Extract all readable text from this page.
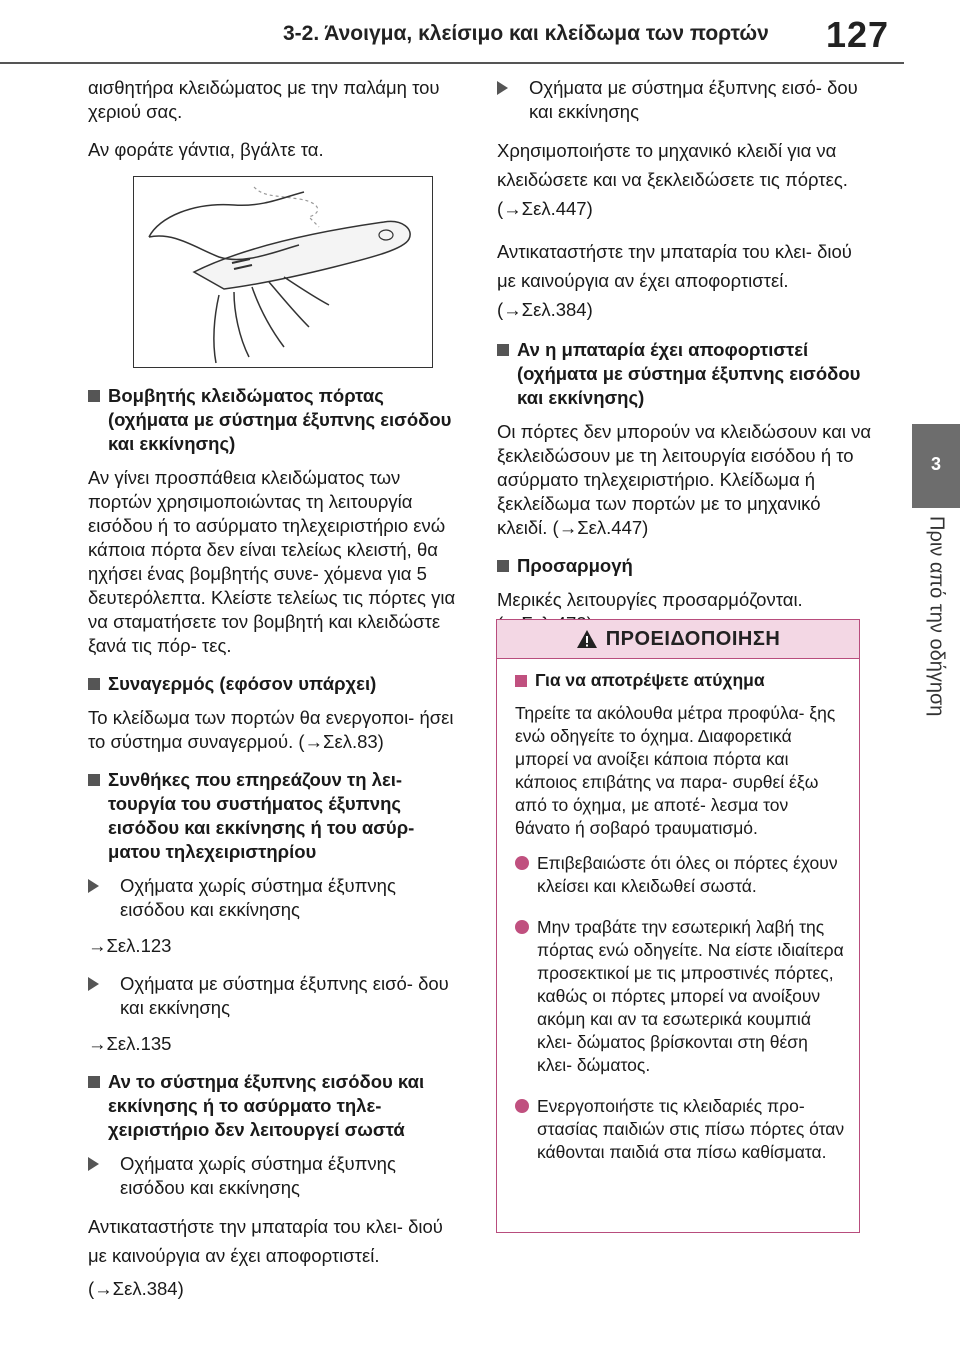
3-2. Άνοιγμα, κλείσιμο και κλείδωμα των πορτών 127
3
Πριν από την οδήγηση

αισθητήρα κλειδώματος με την παλάμη του χεριού σας.

Αν φοράτε γάντια, βγάλτε τα.

Βομβητής κλειδώματος πόρτας (οχήματα με σύστημα έξυπνης εισόδου και εκκίνησης)

Αν γίνει προσπάθεια κλειδώματος των πορτών χρησιμοποιώντας τη λειτουργία εισόδου ή το ασύρματο τηλεχειριστήριο ενώ κάποια πόρτα δεν είναι τελείως κλειστή, θα ηχήσει ένας βομβητής συνε- χόμενα για 5 δευτερόλεπτα. Κλείστε τελείως τις πόρτες για να σταματήσετε τον βομβητή και κλειδώστε ξανά τις πόρ- τες.

Συναγερμός (εφόσον υπάρχει)

Το κλείδωμα των πορτών θα ενεργοποι- ήσει το σύστημα συναγερμού. (→Σελ.83)

Συνθήκες που επηρεάζουν τη λει- τουργία του συστήματος έξυπνης εισόδου και εκκίνησης ή του ασύρ- ματου τηλεχειριστηρίου
Οχήματα χωρίς σύστημα έξυπνης εισόδου και εκκίνησης

→Σελ.123

Οχήματα με σύστημα έξυπνης εισό- δου και εκκίνησης

→Σελ.135

Αν το σύστημα έξυπνης εισόδου και εκκίνησης ή το ασύρματο τηλε- χειριστήριο δεν λειτουργεί σωστά
Οχήματα χωρίς σύστημα έξυπνης εισόδου και εκκίνησης

Αντικαταστήστε την μπαταρία του κλει- διού με καινούργια αν έχει αποφορτιστεί.

(→Σελ.384)

Οχήματα με σύστημα έξυπνης εισό- δου και εκκίνησης

Χρησιμοποιήστε το μηχανικό κλειδί για να κλειδώσετε και να ξεκλειδώσετε τις πόρτες. (→Σελ.447)

Αντικαταστήστε την μπαταρία του κλει- διού με καινούργια αν έχει αποφορτιστεί. (→Σελ.384)

Αν η μπαταρία έχει αποφορτιστεί (οχήματα με σύστημα έξυπνης εισόδου και εκκίνησης)

Οι πόρτες δεν μπορούν να κλειδώσουν και να ξεκλειδώσουν με τη λειτουργία εισόδου ή το ασύρματο τηλεχειριστήριο. Κλείδωμα ή ξεκλείδωμα των πορτών με το μηχανικό κλειδί. (→Σελ.447)

Προσαρμογή

Μερικές λειτουργίες προσαρμόζονται.

ΠΡΟΕΙΔΟΠΟΙΗΣΗ
Για να αποτρέψετε ατύχημα

Τηρείτε τα ακόλουθα μέτρα προφύλα- ξης ενώ οδηγείτε το όχημα. Διαφορετικά μπορεί να ανοίξει κάποια πόρτα και κάποιος επιβάτης να παρα- συρθεί έξω από το όχημα, με αποτέ- λεσμα τον θάνατο ή σοβαρό τραυματισμό.

Επιβεβαιώστε ότι όλες οι πόρτες έχουν κλείσει και κλειδωθεί σωστά.
Μην τραβάτε την εσωτερική λαβή της πόρτας ενώ οδηγείτε. Να είστε ιδιαίτερα προσεκτικοί με τις μπροστινές πόρτες, καθώς οι πόρτες μπορεί να ανοίξουν ακόμη και αν τα εσωτερικά κουμπιά κλει- δώματος βρίσκονται στη θέση κλει- δώματος.
Ενεργοποιήστε τις κλειδαριές προ- στασίας παιδιών στις πίσω πόρτες όταν κάθονται παιδιά στα πίσω καθίσματα.
